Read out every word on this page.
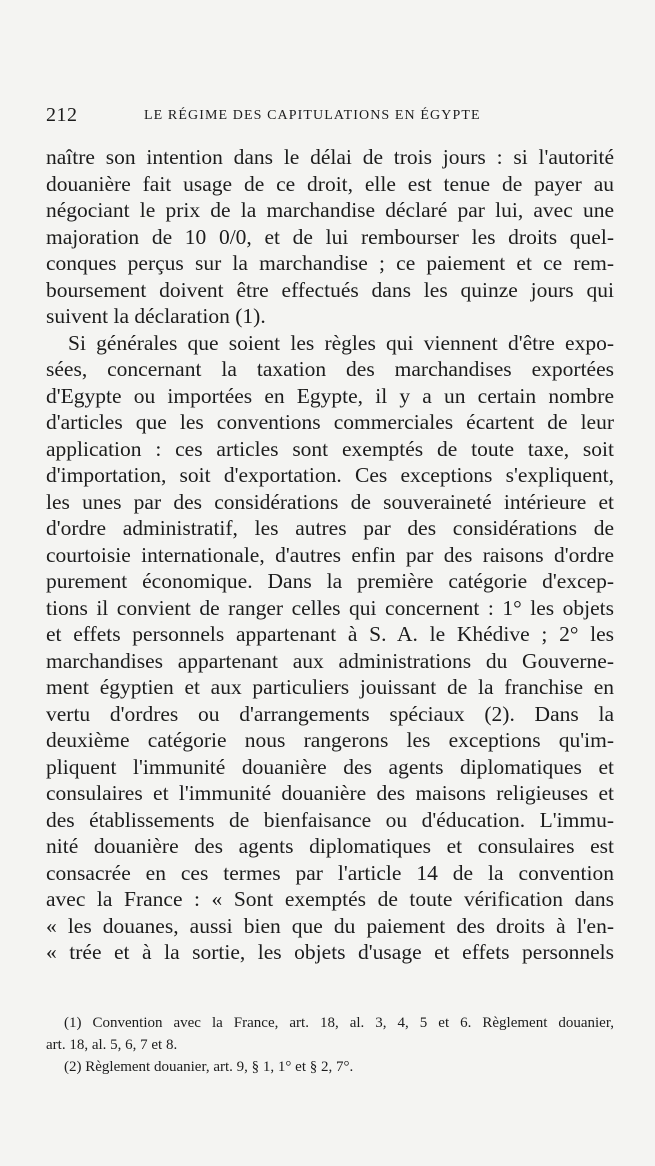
212	LE RÉGIME DES CAPITULATIONS EN ÉGYPTE
naître son intention dans le délai de trois jours : si l'autorité
douanière fait usage de ce droit, elle est tenue de payer au
négociant le prix de la marchandise déclaré par lui, avec une
majoration de 10 0/0, et de lui rembourser les droits quel-
conques perçus sur la marchandise ; ce paiement et ce rem-
boursement doivent être effectués dans les quinze jours qui
suivent la déclaration (1).
Si générales que soient les règles qui viennent d'être expo-
sées, concernant la taxation des marchandises exportées
d'Egypte ou importées en Egypte, il y a un certain nombre
d'articles que les conventions commerciales écartent de leur
application : ces articles sont exemptés de toute taxe, soit
d'importation, soit d'exportation. Ces exceptions s'expliquent,
les unes par des considérations de souveraineté intérieure et
d'ordre administratif, les autres par des considérations de
courtoisie internationale, d'autres enfin par des raisons d'ordre
purement économique. Dans la première catégorie d'excep-
tions il convient de ranger celles qui concernent : 1° les objets
et effets personnels appartenant à S. A. le Khédive ; 2° les
marchandises appartenant aux administrations du Gouverne-
ment égyptien et aux particuliers jouissant de la franchise en
vertu d'ordres ou d'arrangements spéciaux (2). Dans la
deuxième catégorie nous rangerons les exceptions qu'im-
pliquent l'immunité douanière des agents diplomatiques et
consulaires et l'immunité douanière des maisons religieuses et
des établissements de bienfaisance ou d'éducation. L'immu-
nité douanière des agents diplomatiques et consulaires est
consacrée en ces termes par l'article 14 de la convention
avec la France : « Sont exemptés de toute vérification dans
« les douanes, aussi bien que du paiement des droits à l'en-
« trée et à la sortie, les objets d'usage et effets personnels
(1) Convention avec la France, art. 18, al. 3, 4, 5 et 6. Règlement douanier,
art. 18, al. 5, 6, 7 et 8.
(2) Règlement douanier, art. 9, § 1, 1° et § 2, 7°.
